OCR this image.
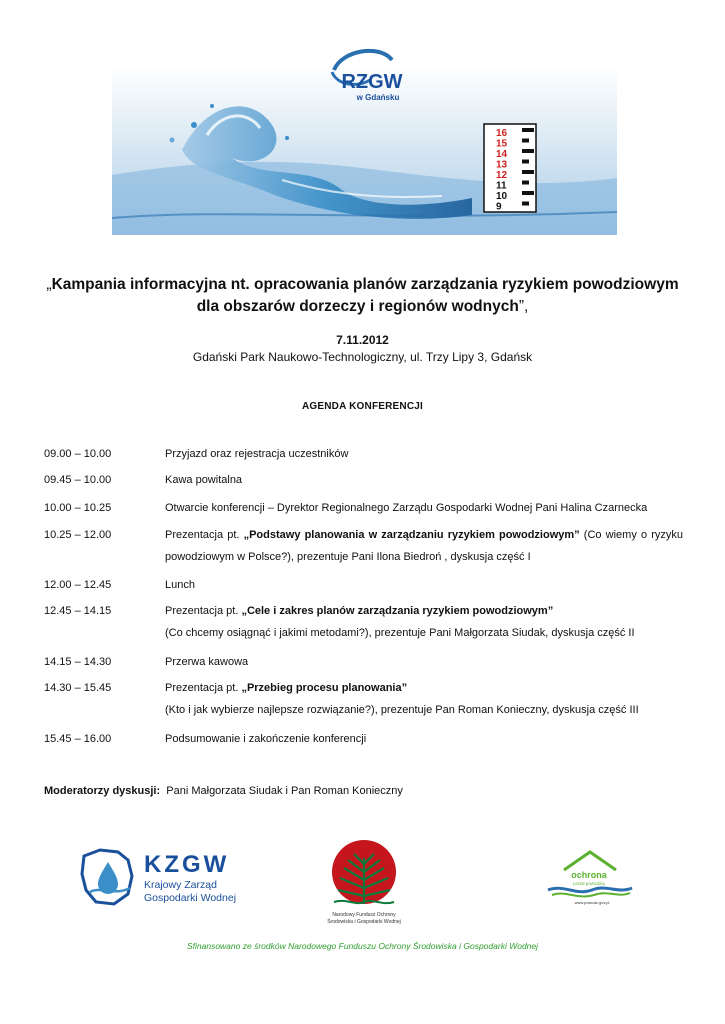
RZGW
w Gdańsku
16
15
14
13
12
11
10
9
„Kampania informacyjna nt. opracowania planów zarządzania ryzykiem powodziowym
dla obszarów dorzeczy i regionów wodnych”,
7.11.2012
Gdański Park Naukowo-Technologiczny, ul. Trzy Lipy 3, Gdańsk
AGENDA KONFERENCJI
09.00 – 10.00	Przyjazd oraz rejestracja uczestników
09.45 – 10.00	Kawa powitalna
10.00 – 10.25	Otwarcie konferencji – Dyrektor Regionalnego Zarządu Gospodarki Wodnej Pani Halina Czarnecka
10.25 – 12.00	Prezentacja pt. „Podstawy planowania w zarządzaniu ryzykiem powodziowym” (Co wiemy o ryzyku
powodziowym w Polsce?), prezentuje Pani Ilona Biedroń , dyskusja część I
12.00 – 12.45	Lunch
12.45 – 14.15	Prezentacja pt. „Cele i zakres planów zarządzania ryzykiem powodziowym”
(Co chcemy osiągnąć i jakimi metodami?), prezentuje Pani Małgorzata Siudak, dyskusja część II
14.15 – 14.30	Przerwa kawowa
14.30 – 15.45	Prezentacja pt. „Przebieg procesu planowania”
(Kto i jak wybierze najlepsze rozwiązanie?), prezentuje Pan Roman Konieczny, dyskusja część III
15.45 – 16.00	Podsumowanie i zakończenie konferencji
Moderatorzy dyskusji: Pani Małgorzata Siudak i Pan Roman Konieczny
KZGW
Krajowy Zarząd
Gospodarki Wodnej
Narodowy Fundusz Ochrony
Środowiska i Gospodarki Wodnej
ochrona
przed powodzią
www.powodz.gov.pl
Sfinansowano ze środków Narodowego Funduszu Ochrony Środowiska i Gospodarki Wodnej
